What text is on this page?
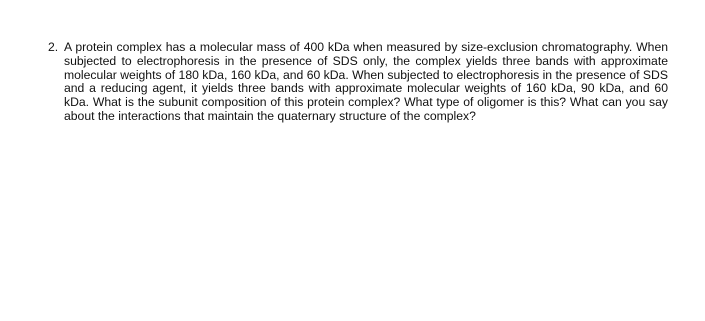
2. A protein complex has a molecular mass of 400 kDa when measured by size-exclusion chromatography. When subjected to electrophoresis in the presence of SDS only, the complex yields three bands with approximate molecular weights of 180 kDa, 160 kDa, and 60 kDa. When subjected to electrophoresis in the presence of SDS and a reducing agent, it yields three bands with approximate molecular weights of 160 kDa, 90 kDa, and 60 kDa. What is the subunit composition of this protein complex? What type of oligomer is this? What can you say about the interactions that maintain the quaternary structure of the complex?
